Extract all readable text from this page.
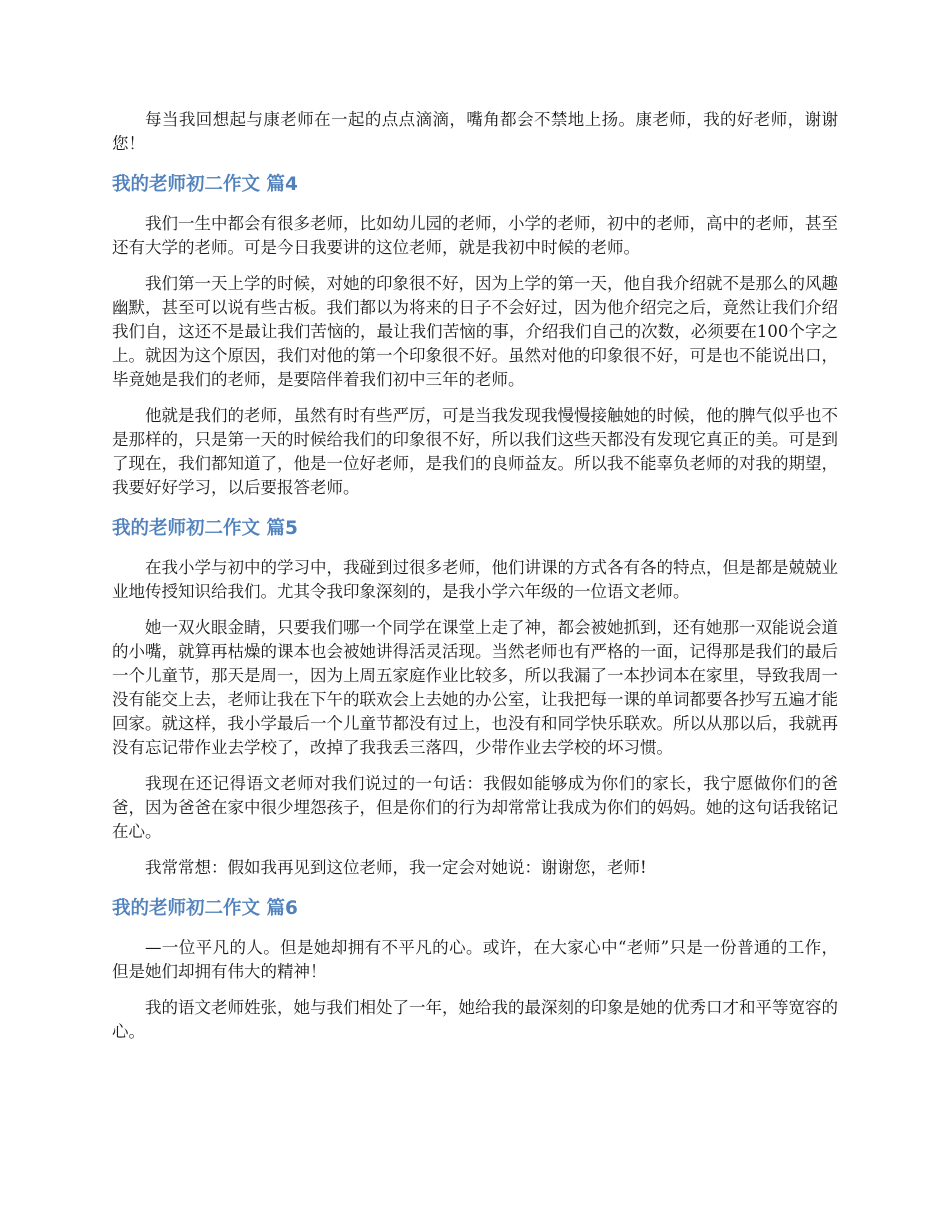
每当我回想起与康老师在一起的点点滴滴，嘴角都会不禁地上扬。康老师，我的好老师，谢谢您！

我的老师初二作文 篇4

我们一生中都会有很多老师，比如幼儿园的老师，小学的老师，初中的老师，高中的老师，甚至还有大学的老师。可是今日我要讲的这位老师，就是我初中时候的老师。

我们第一天上学的时候，对她的印象很不好，因为上学的第一天，他自我介绍就不是那么的风趣幽默，甚至可以说有些古板。我们都以为将来的日子不会好过，因为他介绍完之后，竟然让我们介绍我们自，这还不是最让我们苦恼的，最让我们苦恼的事，介绍我们自己的次数，必须要在100个字之上。就因为这个原因，我们对他的第一个印象很不好。虽然对他的印象很不好，可是也不能说出口，毕竟她是我们的老师，是要陪伴着我们初中三年的老师。

他就是我们的老师，虽然有时有些严厉，可是当我发现我慢慢接触她的时候，他的脾气似乎也不是那样的，只是第一天的时候给我们的印象很不好，所以我们这些天都没有发现它真正的美。可是到了现在，我们都知道了，他是一位好老师，是我们的良师益友。所以我不能辜负老师的对我的期望，我要好好学习，以后要报答老师。

我的老师初二作文 篇5

在我小学与初中的学习中，我碰到过很多老师，他们讲课的方式各有各的特点，但是都是兢兢业业地传授知识给我们。尤其令我印象深刻的，是我小学六年级的一位语文老师。

她一双火眼金睛，只要我们哪一个同学在课堂上走了神，都会被她抓到，还有她那一双能说会道的小嘴，就算再枯燥的课本也会被她讲得活灵活现。当然老师也有严格的一面，记得那是我们的最后一个儿童节，那天是周一，因为上周五家庭作业比较多，所以我漏了一本抄词本在家里，导致我周一没有能交上去，老师让我在下午的联欢会上去她的办公室，让我把每一课的单词都要各抄写五遍才能回家。就这样，我小学最后一个儿童节都没有过上，也没有和同学快乐联欢。所以从那以后，我就再没有忘记带作业去学校了，改掉了我我丢三落四，少带作业去学校的坏习惯。

我现在还记得语文老师对我们说过的一句话：我假如能够成为你们的家长，我宁愿做你们的爸爸，因为爸爸在家中很少埋怨孩子，但是你们的行为却常常让我成为你们的妈妈。她的这句话我铭记在心。

我常常想：假如我再见到这位老师，我一定会对她说：谢谢您，老师!

我的老师初二作文 篇6

—一位平凡的人。但是她却拥有不平凡的心。或许，在大家心中“老师”只是一份普通的工作，但是她们却拥有伟大的精神！

我的语文老师姓张，她与我们相处了一年，她给我的最深刻的印象是她的优秀口才和平等宽容的心。
